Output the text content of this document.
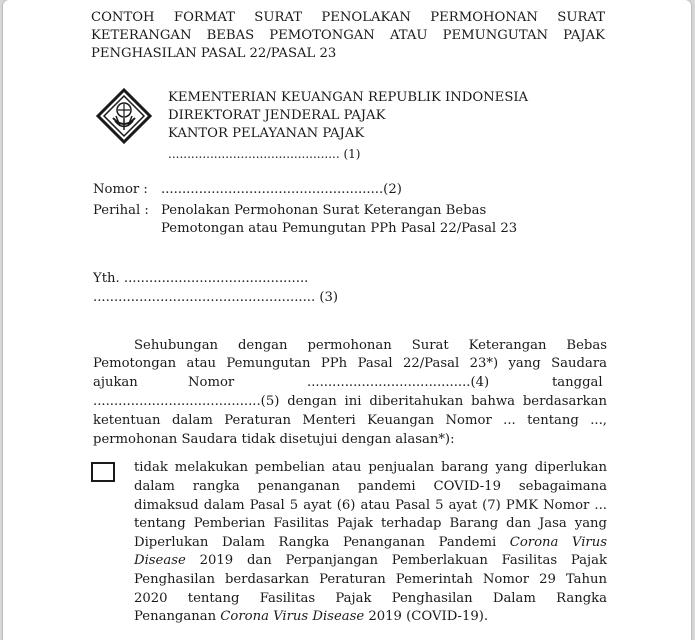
CONTOH FORMAT SURAT PENOLAKAN PERMOHONAN SURAT
KETERANGAN BEBAS PEMOTONGAN ATAU PEMUNGUTAN PAJAK
PENGHASILAN PASAL 22/PASAL 23
KEMENTERIAN KEUANGAN REPUBLIK INDONESIA
DIREKTORAT JENDERAL PAJAK
KANTOR PELAYANAN PAJAK
............................................. (1)
Nomor : .....................................................(2)
Perihal : Penolakan Permohonan Surat Keterangan Bebas
Pemotongan atau Pemungutan PPh Pasal 22/Pasal 23
Yth. ............................................
..................................................... (3)
Sehubungan dengan permohonan Surat Keterangan Bebas
Pemotongan atau Pemungutan PPh Pasal 22/Pasal 23*) yang Saudara
ajukan	Nomor	.......................................(4)	tanggal
........................................(5) dengan ini diberitahukan bahwa berdasarkan
ketentuan dalam Peraturan Menteri Keuangan Nomor ... tentang ...,
permohonan Saudara tidak disetujui dengan alasan*):
tidak melakukan pembelian atau penjualan barang yang diperlukan
dalam rangka penanganan pandemi COVID-19 sebagaimana
dimaksud dalam Pasal 5 ayat (6) atau Pasal 5 ayat (7) PMK Nomor ...
tentang Pemberian Fasilitas Pajak terhadap Barang dan Jasa yang
Diperlukan Dalam Rangka Penanganan Pandemi Corona Virus
Disease 2019 dan Perpanjangan Pemberlakuan Fasilitas Pajak
Penghasilan berdasarkan Peraturan Pemerintah Nomor 29 Tahun
2020 tentang Fasilitas Pajak Penghasilan Dalam Rangka
Penanganan Corona Virus Disease 2019 (COVID-19).
